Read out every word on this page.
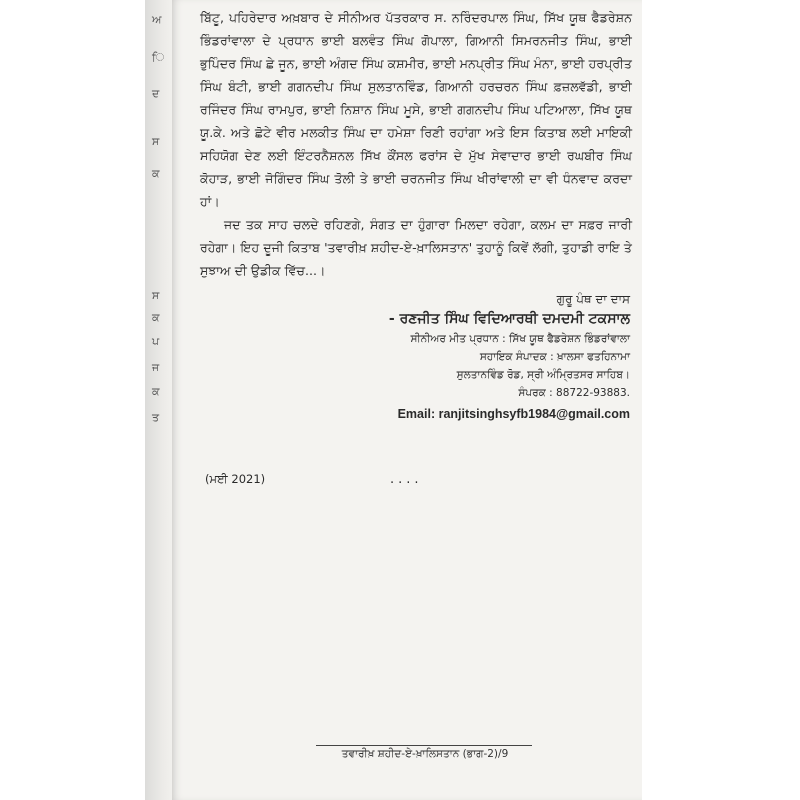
ਅ
ਿ
ਦ
ਸ
ਕ
ਸ
ਕ
ਪ
ਜ
ਕ
ਤ

ਬਿੱਟੂ, ਪਹਿਰੇਦਾਰ ਅਖ਼ਬਾਰ ਦੇ ਸੀਨੀਅਰ ਪੱਤਰਕਾਰ ਸ. ਨਰਿੰਦਰਪਾਲ ਸਿੰਘ, ਸਿੱਖ ਯੂਥ ਫੈਡਰੇਸ਼ਨ ਭਿੰਡਰਾਂਵਾਲਾ ਦੇ ਪ੍ਰਧਾਨ ਭਾਈ ਬਲਵੰਤ ਸਿੰਘ ਗੋਪਾਲਾ, ਗਿਆਨੀ ਸਿਮਰਨਜੀਤ ਸਿੰਘ, ਭਾਈ ਭੁਪਿੰਦਰ ਸਿੰਘ ਛੇ ਜੂਨ, ਭਾਈ ਅੰਗਦ ਸਿੰਘ ਕਸ਼ਮੀਰ, ਭਾਈ ਮਨਪ੍ਰੀਤ ਸਿੰਘ ਮੰਨਾ, ਭਾਈ ਹਰਪ੍ਰੀਤ ਸਿੰਘ ਬੰਟੀ, ਭਾਈ ਗਗਨਦੀਪ ਸਿੰਘ ਸੁਲਤਾਨਵਿੰਡ, ਗਿਆਨੀ ਹਰਚਰਨ ਸਿੰਘ ਫ਼ਜ਼ਲਵੱਡੀ, ਭਾਈ ਰਜਿੰਦਰ ਸਿੰਘ ਰਾਮਪੁਰ, ਭਾਈ ਨਿਸ਼ਾਨ ਸਿੰਘ ਮੂਸੇ, ਭਾਈ ਗਗਨਦੀਪ ਸਿੰਘ ਪਟਿਆਲਾ, ਸਿੱਖ ਯੂਥ ਯੂ.ਕੇ. ਅਤੇ ਛੋਟੇ ਵੀਰ ਮਲਕੀਤ ਸਿੰਘ ਦਾ ਹਮੇਸ਼ਾ ਰਿਣੀ ਰਹਾਂਗਾ ਅਤੇ ਇਸ ਕਿਤਾਬ ਲਈ ਮਾਇਕੀ ਸਹਿਯੋਗ ਦੇਣ ਲਈ ਇੰਟਰਨੈਸ਼ਨਲ ਸਿੱਖ ਕੌਂਸਲ ਫਰਾਂਸ ਦੇ ਮੁੱਖ ਸੇਵਾਦਾਰ ਭਾਈ ਰਘਬੀਰ ਸਿੰਘ ਕੋਹਾੜ, ਭਾਈ ਜੋਗਿੰਦਰ ਸਿੰਘ ਤੋਲੀ ਤੇ ਭਾਈ ਚਰਨਜੀਤ ਸਿੰਘ ਖੀਰਾਂਵਾਲੀ ਦਾ ਵੀ ਧੰਨਵਾਦ ਕਰਦਾ ਹਾਂ।

ਜਦ ਤਕ ਸਾਹ ਚਲਦੇ ਰਹਿਣਗੇ, ਸੰਗਤ ਦਾ ਹੁੰਗਾਰਾ ਮਿਲਦਾ ਰਹੇਗਾ, ਕਲਮ ਦਾ ਸਫ਼ਰ ਜਾਰੀ ਰਹੇਗਾ। ਇਹ ਦੂਜੀ ਕਿਤਾਬ 'ਤਵਾਰੀਖ਼ ਸ਼ਹੀਦ-ਏ-ਖ਼ਾਲਿਸਤਾਨ' ਤੁਹਾਨੂੰ ਕਿਵੇਂ ਲੱਗੀ, ਤੁਹਾਡੀ ਰਾਇ ਤੇ ਸੁਝਾਅ ਦੀ ਉਡੀਕ ਵਿੱਚ...।

ਗੁਰੂ ਪੰਥ ਦਾ ਦਾਸ
- ਰਣਜੀਤ ਸਿੰਘ ਵਿਦਿਆਰਥੀ ਦਮਦਮੀ ਟਕਸਾਲ
ਸੀਨੀਅਰ ਮੀਤ ਪ੍ਰਧਾਨ : ਸਿੱਖ ਯੂਥ ਫੈਡਰੇਸ਼ਨ ਭਿੰਡਰਾਂਵਾਲਾ
ਸਹਾਇਕ ਸੰਪਾਦਕ : ਖ਼ਾਲਸਾ ਫਤਹਿਨਾਮਾ
ਸੁਲਤਾਨਵਿੰਡ ਰੋਡ, ਸ੍ਰੀ ਅੰਮ੍ਰਿਤਸਰ ਸਾਹਿਬ।
ਸੰਪਰਕ : 88722-93883.
Email: ranjitsinghsyfb1984@gmail.com
(ਮਈ 2021)	....
ਤਵਾਰੀਖ਼ ਸ਼ਹੀਦ-ਏ-ਖ਼ਾਲਿਸਤਾਨ (ਭਾਗ-2)/9
